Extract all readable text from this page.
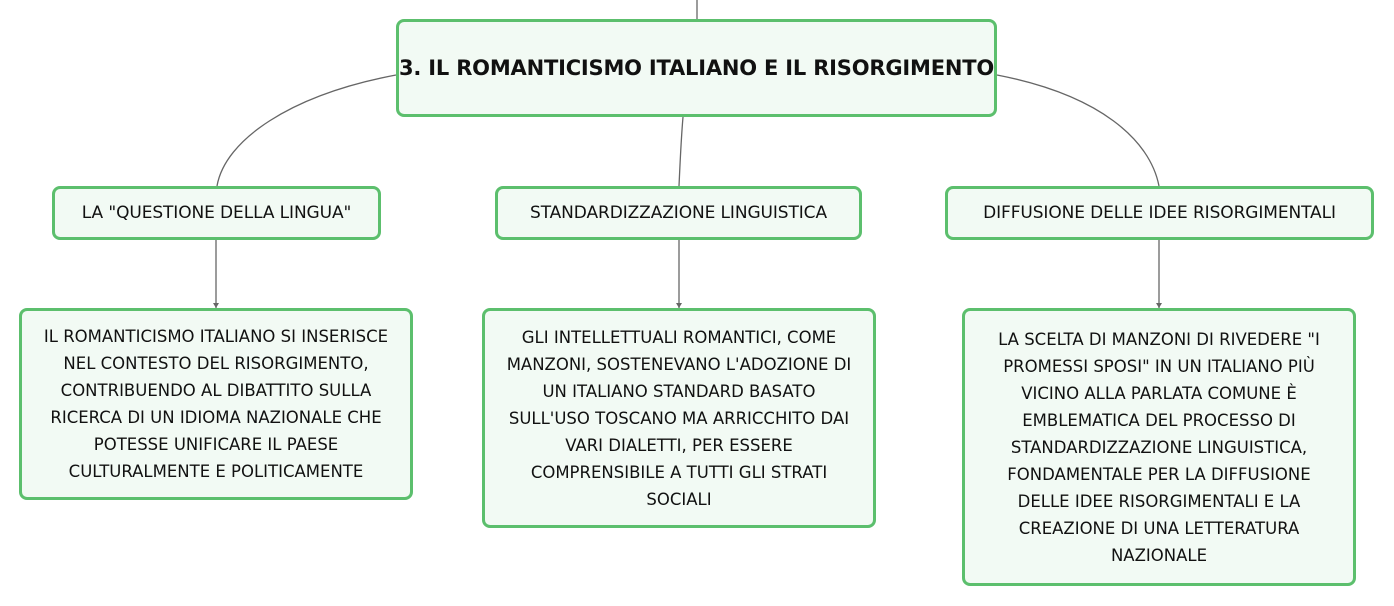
3. IL ROMANTICISMO ITALIANO E IL RISORGIMENTO
LA "QUESTIONE DELLA LINGUA"	STANDARDIZZAZIONE LINGUISTICA	DIFFUSIONE DELLE IDEE RISORGIMENTALI
IL ROMANTICISMO ITALIANO SI INSERISCE NEL CONTESTO DEL RISORGIMENTO, CONTRIBUENDO AL DIBATTITO SULLA RICERCA DI UN IDIOMA NAZIONALE CHE POTESSE UNIFICARE IL PAESE CULTURALMENTE E POLITICAMENTE
GLI INTELLETTUALI ROMANTICI, COME MANZONI, SOSTENEVANO L'ADOZIONE DI UN ITALIANO STANDARD BASATO SULL'USO TOSCANO MA ARRICCHITO DAI VARI DIALETTI, PER ESSERE COMPRENSIBILE A TUTTI GLI STRATI SOCIALI
LA SCELTA DI MANZONI DI RIVEDERE "I PROMESSI SPOSI" IN UN ITALIANO PIÙ VICINO ALLA PARLATA COMUNE È EMBLEMATICA DEL PROCESSO DI STANDARDIZZAZIONE LINGUISTICA, FONDAMENTALE PER LA DIFFUSIONE DELLE IDEE RISORGIMENTALI E LA CREAZIONE DI UNA LETTERATURA NAZIONALE
